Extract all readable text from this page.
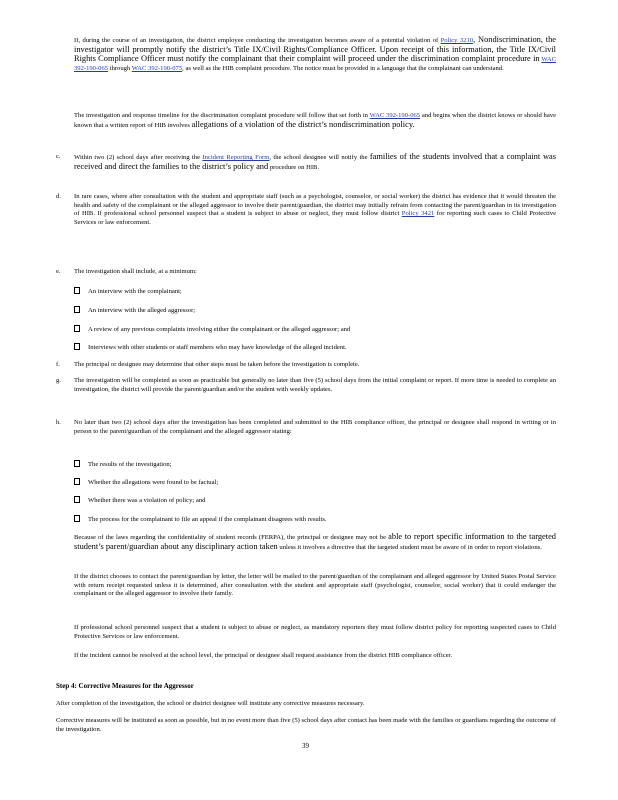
If, during the course of an investigation, the district employee conducting the investigation becomes aware of a potential violation of Policy 3210, Nondiscrimination, the investigator will promptly notify the district’s Title IX/Civil Rights/Compliance Officer. Upon receipt of this information, the Title IX/Civil Rights Compliance Officer must notify the complainant that their complaint will proceed under the discrimination complaint procedure in WAC 392-190-065 through WAC 392-190-075, as well as the HIB complaint procedure. The notice must be provided in a language that the complainant can understand.
The investigation and response timeline for the discrimination complaint procedure will follow that set forth in WAC 392-190-065 and begins when the district knows or should have known that a written report of HIB involves allegations of a violation of the district’s nondiscrimination policy.
c. Within two (2) school days after receiving the Incident Reporting Form, the school designee will notify the families of the students involved that a complaint was received and direct the families to the district’s policy and procedure on HIB.
d. In rare cases, where after consultation with the student and appropriate staff (such as a psychologist, counselor, or social worker) the district has evidence that it would threaten the health and safety of the complainant or the alleged aggressor to involve their parent/guardian, the district may initially refrain from contacting the parent/guardian in its investigation of HIB. If professional school personnel suspect that a student is subject to abuse or neglect, they must follow district Policy 3421 for reporting such cases to Child Protective Services or law enforcement.
e. The investigation shall include, at a minimum:
An interview with the complainant;
An interview with the alleged aggressor;
A review of any previous complaints involving either the complainant or the alleged aggressor; and
Interviews with other students or staff members who may have knowledge of the alleged incident.
f. The principal or designee may determine that other steps must be taken before the investigation is complete.
g. The investigation will be completed as soon as practicable but generally no later than five (5) school days from the initial complaint or report. If more time is needed to complete an investigation, the district will provide the parent/guardian and/or the student with weekly updates.
h. No later than two (2) school days after the investigation has been completed and submitted to the HIB compliance officer, the principal or designee shall respond in writing or in person to the parent/guardian of the complainant and the alleged aggressor stating:
The results of the investigation;
Whether the allegations were found to be factual;
Whether there was a violation of policy; and
The process for the complainant to file an appeal if the complainant disagrees with results.
Because of the laws regarding the confidentiality of student records (FERPA), the principal or designee may not be able to report specific information to the targeted student’s parent/guardian about any disciplinary action taken unless it involves a directive that the targeted student must be aware of in order to report violations.
If the district chooses to contact the parent/guardian by letter, the letter will be mailed to the parent/guardian of the complainant and alleged aggressor by United States Postal Service with return receipt requested unless it is determined, after consultation with the student and appropriate staff (psychologist, counselor, social worker) that it could endanger the complainant or the alleged aggressor to involve their family.
If professional school personnel suspect that a student is subject to abuse or neglect, as mandatory reporters they must follow district policy for reporting suspected cases to Child Protective Services or law enforcement.
If the incident cannot be resolved at the school level, the principal or designee shall request assistance from the district HIB compliance officer.
Step 4: Corrective Measures for the Aggressor
After completion of the investigation, the school or district designee will institute any corrective measures necessary.
Corrective measures will be instituted as soon as possible, but in no event more than five (5) school days after contact has been made with the families or guardians regarding the outcome of the investigation.
39
